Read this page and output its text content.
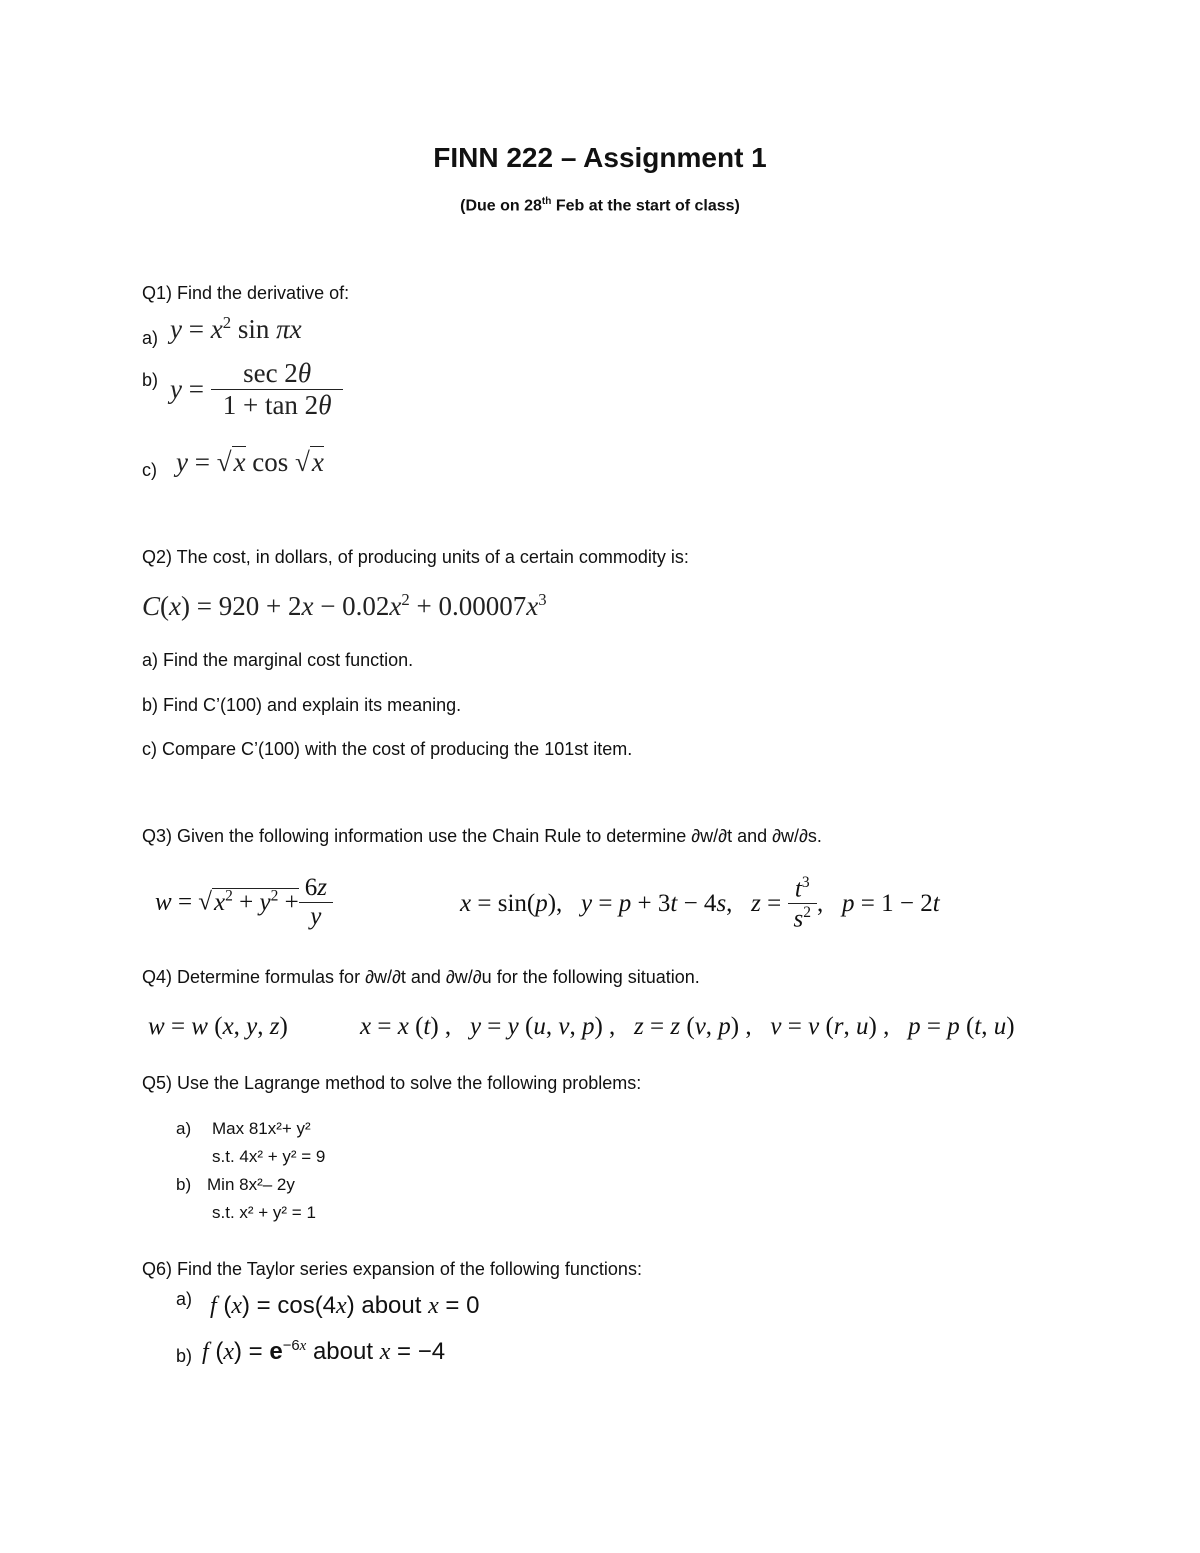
FINN 222 – Assignment 1
(Due on 28th Feb at the start of class)
Q1) Find the derivative of:
a) $y = x^2$ sin πx
b) $y = \frac{\sec 2\theta}{1 + \tan 2\theta}$
c) y = √x cos √x
Q2) The cost, in dollars, of producing units of a certain commodity is:
$C(x) = 920 + 2x - 0.02x^2 + 0.00007x^3$
a) Find the marginal cost function.
b) Find C’(100) and explain its meaning.
c) Compare C’(100) with the cost of producing the 101st item.
Q3) Given the following information use the Chain Rule to determine ∂w/∂t and ∂w/∂s.
$w = √x^2 + y^2 + \frac{6z}{y}$	x = sin(p),   y = p + 3t − 4s,   $z = \frac{t^3}{s^2}$ ,   p = 1 − 2t
Q4) Determine formulas for ∂w/∂t and ∂w/∂u for the following situation.
w = w (x, y, z)	x = x (t) ,   y = y (u, v, p) ,   z = z (v, p) ,   v = v (r, u) ,   p = p (t, u)
Q5) Use the Lagrange method to solve the following problems:
a) Max 81x²+ y²
s.t. 4x² + y² = 9
b) Min 8x²– 2y
s.t. x² + y² = 1
Q6) Find the Taylor series expansion of the following functions:
a) f (x) = cos(4x) about x = 0
b) f $(x) = e^{-6x}$ about x = −4
